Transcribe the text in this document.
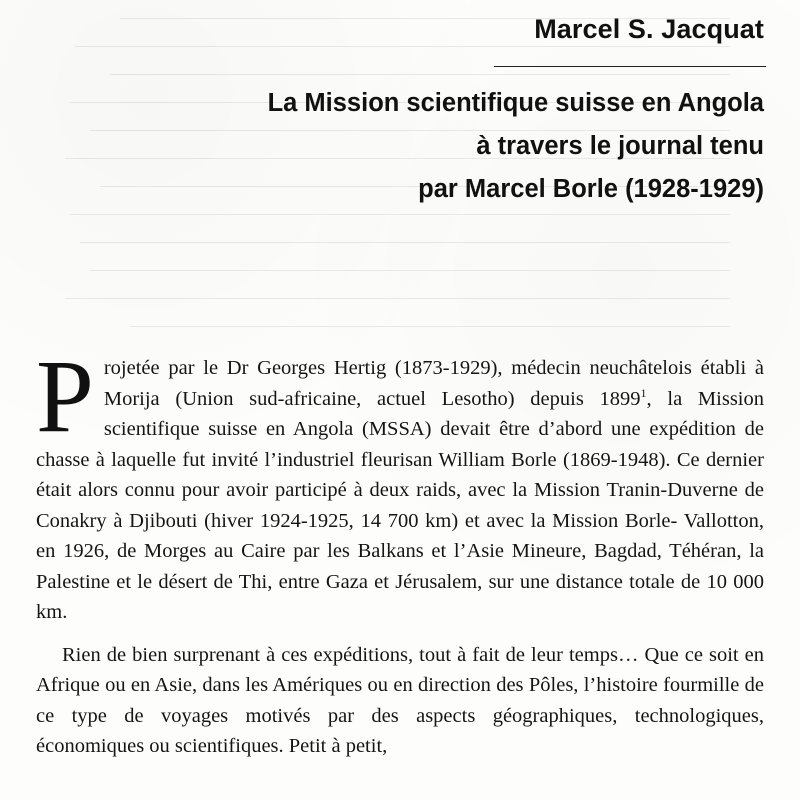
Marcel S. Jacquat
La Mission scientifique suisse en Angola
à travers le journal tenu
par Marcel Borle (1928-1929)

P rojetée par le Dr Georges Hertig (1873-1929), médecin neuchâtelois établi à Morija (Union sud-africaine, actuel Lesotho) depuis 1899$^1$, la Mission scientifique suisse en Angola (MSSA) devait être d’abord une expédition de chasse à laquelle fut invité l’industriel fleurisan William Borle (1869-1948). Ce dernier était alors connu pour avoir participé à deux raids, avec la Mission Tranin-Duverne de Conakry à Djibouti (hiver 1924-1925, 14 700 km) et avec la Mission Borle- Vallotton, en 1926, de Morges au Caire par les Balkans et l’Asie Mineure, Bagdad, Téhéran, la Palestine et le désert de Thi, entre Gaza et Jérusalem, sur une distance totale de 10 000 km.

Rien de bien surprenant à ces expéditions, tout à fait de leur temps… Que ce soit en Afrique ou en Asie, dans les Amériques ou en direction des Pôles, l’histoire fourmille de ce type de voyages motivés par des aspects géographiques, technologiques, économiques ou scientifiques. Petit à petit,
